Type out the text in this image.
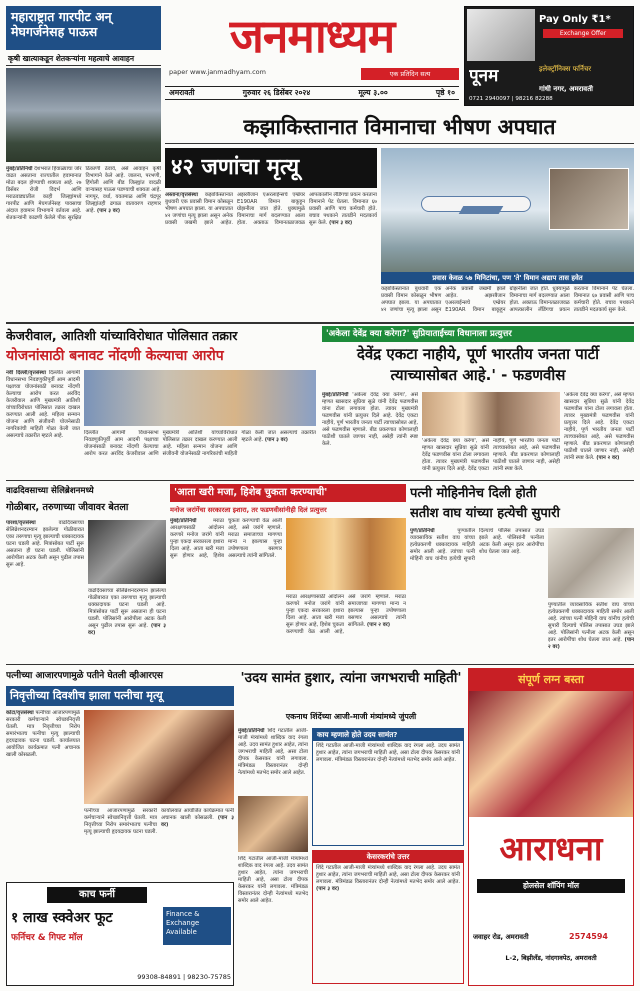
महाराष्ट्रात गारपीट अन् मेघगर्जनेसह पाऊस
कृषी खात्याकडून शेतकऱ्यांना महत्वाचे आवाहन
मुंबई/प्रतिनिधी देशभरात हिवाळ्याचा जोर वाढत असताना राज्यातील हवामानात मोठा बदल होण्याची शक्यता आहे. २७ डिसेंबर रोजी विदर्भ आणि मराठवाड्यातील काही जिल्ह्यांमध्ये गारपीट आणि मेघगर्जनेसह पावसाचा अंदाज हवामान विभागाने वर्तवला आहे. शेतकऱ्यांनी काढणी केलेले पीक सुरक्षित ठिकाणी ठेवावे, असे आवाहन कृषी विभागाने केले आहे. जालना, परभणी, हिंगोली आणि बीड जिल्ह्यांत वादळी वाऱ्यासह पाऊस पडण्याची शक्यता आहे. नागपूर, वर्धा, यवतमाळ आणि चंद्रपूर जिल्ह्यांतही ढगाळ वातावरण राहणार आहे. (पान ३ वर)
जनमाध्यम
paper www.janmadhyam.com	एक प्रतिदिन सत्य
अमरावती	गुरुवार २६ डिसेंबर २०२४	मूल्य ३.००	पृष्ठे १०
Pay Only ₹1*
Exchange Offer
पूनम	इलेक्ट्रॉनिक्स फर्निचर
गांधी नगर, अमरावती
0721 2940097 | 98216 82288
कझाकिस्तानात विमानाचा भीषण अपघात
४२ जणांचा मृत्यू
प्रवास केवळ ५७ मिनिटांचा, पण 'ते' विमान अद्याप तास हवेत
अस्ताना/वृत्तसंस्था कझाकिस्तानात बुधवारी एक प्रवासी विमान कोसळून भीषण अपघात झाला. या अपघातात ४२ जणांचा मृत्यू झाला असून अनेक प्रवासी जखमी झाले आहेत. अझरबैजान एअरलाईन्सचे एम्ब्रेयर E190AR विमान बाकूहून ग्रोझनीला जात होते. धुक्यामुळे विमानाचा मार्ग बदलण्यात आला होता. अक्ताऊ विमानतळाजवळ आपत्कालीन लँडिंगचा प्रयत्न करताना विमानाने पेट घेतला. विमानात ६७ प्रवासी आणि पाच कर्मचारी होते. बचाव पथकाने तातडीने मदतकार्य सुरू केले. (पान ३ वर)
कझाकिस्तानात बुधवारी एक प्रवासी विमान कोसळून भीषण अपघात झाला. या अपघातात ४२ जणांचा मृत्यू झाला असून अनेक प्रवासी जखमी झाले आहेत. अझरबैजान एअरलाईन्सचे एम्ब्रेयर E190AR विमान बाकूहून ग्रोझनीला जात होते. धुक्यामुळे विमानाचा मार्ग बदलण्यात आला होता. अक्ताऊ विमानतळाजवळ आपत्कालीन लँडिंगचा प्रयत्न करताना विमानाने पेट घेतला. विमानात ६७ प्रवासी आणि पाच कर्मचारी होते. बचाव पथकाने तातडीने मदतकार्य सुरू केले.
केजरीवाल, आतिशी यांच्याविरोधात पोलिसात तक्रार
योजनांसाठी बनावट नोंदणी केल्याचा आरोप
नवी दिल्ली/वृत्तसंस्था दिल्लीत आगामी विधानसभा निवडणुकीपूर्वी आम आदमी पक्षाच्या योजनांसाठी बनावट नोंदणी केल्याचा आरोप करत अरविंद केजरीवाल आणि मुख्यमंत्री आतिशी यांच्याविरोधात पोलिसात तक्रार दाखल करण्यात आली आहे. महिला सन्मान योजना आणि संजीवनी योजनेसाठी नागरिकांची माहिती गोळा केली जात असल्याचे तक्रारीत म्हटले आहे.	दिल्लीत आगामी विधानसभा निवडणुकीपूर्वी आम आदमी पक्षाच्या योजनांसाठी बनावट नोंदणी केल्याचा आरोप करत अरविंद केजरीवाल आणि मुख्यमंत्री आतिशी यांच्याविरोधात पोलिसात तक्रार दाखल करण्यात आली आहे. महिला सन्मान योजना आणि संजीवनी योजनेसाठी नागरिकांची माहिती गोळा केली जात असल्याचे तक्रारीत म्हटले आहे. (पान ३ वर)
'अकेला देवेंद्र क्या करेगा?' सुप्रियाताईंच्या विधानाला प्रत्युत्तर
देवेंद्र एकटा नाहीये, पूर्ण भारतीय जनता पार्टी त्याच्यासोबत आहे.' - फडणवीस
मुंबई/प्रतिनिधी 'अकेला देवेंद्र क्या करेगा', असे म्हणत खासदार सुप्रिया सुळे यांनी देवेंद्र फडणवीस यांना टोला लगावला होता. त्यावर मुख्यमंत्री फडणवीस यांनी प्रत्युत्तर दिले आहे. देवेंद्र एकटा नाहीये, पूर्ण भारतीय जनता पार्टी त्याच्यासोबत आहे, असे फडणवीस म्हणाले. बीड प्रकरणात कोणालाही पाठीशी घातले जाणार नाही, असेही त्यांनी स्पष्ट केले.	'अकेला देवेंद्र क्या करेगा', असे म्हणत खासदार सुप्रिया सुळे यांनी देवेंद्र फडणवीस यांना टोला लगावला होता. त्यावर मुख्यमंत्री फडणवीस यांनी प्रत्युत्तर दिले आहे. देवेंद्र एकटा नाहीये, पूर्ण भारतीय जनता पार्टी त्याच्यासोबत आहे, असे फडणवीस म्हणाले. बीड प्रकरणात कोणालाही पाठीशी घातले जाणार नाही, असेही त्यांनी स्पष्ट केले.
'अकेला देवेंद्र क्या करेगा', असे म्हणत खासदार सुप्रिया सुळे यांनी देवेंद्र फडणवीस यांना टोला लगावला होता. त्यावर मुख्यमंत्री फडणवीस यांनी प्रत्युत्तर दिले आहे. देवेंद्र एकटा नाहीये, पूर्ण भारतीय जनता पार्टी त्याच्यासोबत आहे, असे फडणवीस म्हणाले. बीड प्रकरणात कोणालाही पाठीशी घातले जाणार नाही, असेही त्यांनी स्पष्ट केले. (पान २ वर)
वाढदिवसाच्या सेलिब्रेशनमध्ये
गोळीबार, तरुणाच्या जीवावर बेतला
पारशा/वृत्तसंस्था	वाढदिवसाच्या सेलिब्रेशनदरम्यान झालेल्या गोळीबारात एका तरुणाचा मृत्यू झाल्याची धक्कादायक घटना घडली आहे. मित्रांसोबत पार्टी सुरू असताना ही घटना घडली. पोलिसांनी आरोपीला अटक केली असून पुढील तपास सुरू आहे.
वाढदिवसाच्या सेलिब्रेशनदरम्यान झालेल्या गोळीबारात एका तरुणाचा मृत्यू झाल्याची धक्कादायक घटना घडली आहे. मित्रांसोबत पार्टी सुरू असताना ही घटना घडली. पोलिसांनी आरोपीला अटक केली असून पुढील तपास सुरू आहे. (पान ३ वर)
'आता खरी मजा, हिशेब चुकता करण्याची'
मनोज जरांगेंचा सरकारला इशारा, तर फडणवीसांनीही दिलं प्रत्युत्तर
मुंबई/प्रतिनिधी	मराठा आरक्षणासाठी आंदोलन करणारे मनोज जरांगे यांनी पुन्हा एकदा सरकारला इशारा दिला आहे. आता खरी मजा सुरू होणार आहे, हिशेब चुकता करण्याची वेळ आली आहे, असे जरांगे म्हणाले. मराठा समाजाच्या मागण्या मान्य न झाल्यास पुन्हा उपोषणाला बसणार असल्याचे त्यांनी सांगितले.
मराठा आरक्षणासाठी आंदोलन करणारे मनोज जरांगे यांनी पुन्हा एकदा सरकारला इशारा दिला आहे. आता खरी मजा सुरू होणार आहे, हिशेब चुकता करण्याची वेळ आली आहे, असे जरांगे म्हणाले. मराठा समाजाच्या मागण्या मान्य न झाल्यास पुन्हा उपोषणाला बसणार असल्याचे त्यांनी सांगितले. (पान २ वर)
पत्नी मोहिनीनेच दिली होती
सतीश वाघ यांच्या हत्येची सुपारी
पुणे/प्रतिनिधी	पुण्यातील व्यावसायिक सतीश वाघ यांच्या हत्येप्रकरणी धक्कादायक माहिती समोर आली आहे. त्यांच्या पत्नी मोहिनी वाघ यांनीच हत्येची सुपारी दिल्याचे पोलिस तपासात उघड झाले आहे. पोलिसांनी पत्नीला अटक केली असून इतर आरोपींचा शोध घेतला जात आहे.
पुण्यातील व्यावसायिक सतीश वाघ यांच्या हत्येप्रकरणी धक्कादायक माहिती समोर आली आहे. त्यांच्या पत्नी मोहिनी वाघ यांनीच हत्येची सुपारी दिल्याचे पोलिस तपासात उघड झाले आहे. पोलिसांनी पत्नीला अटक केली असून इतर आरोपींचा शोध घेतला जात आहे. (पान २ वर)
पत्नीच्या आजारपणामुळे पतीने घेतली व्हीआरएस
निवृत्तीच्या दिवशीच झाला पत्नीचा मृत्यू
कोटा/वृत्तसंस्था पत्नीच्या आजारपणामुळे सरकारी कर्मचाऱ्याने स्वेच्छानिवृत्ती घेतली. मात्र निवृत्तीच्या निरोप समारंभातच पत्नीचा मृत्यू झाल्याची हृदयद्रावक घटना घडली. कार्यालयात आयोजित कार्यक्रमात पत्नी अचानक खाली कोसळली.
पत्नीच्या आजारपणामुळे सरकारी कर्मचाऱ्याने स्वेच्छानिवृत्ती घेतली. मात्र निवृत्तीच्या निरोप समारंभातच पत्नीचा मृत्यू झाल्याची हृदयद्रावक घटना घडली. कार्यालयात आयोजित कार्यक्रमात पत्नी अचानक खाली कोसळली. (पान ३ वर)
'उदय सामंत हुशार, त्यांना जगभराची माहिती'
एकनाथ शिंदेंच्या आजी-माजी मंत्र्यांमध्ये जुंपली
मुंबई/प्रतिनिधी शिंदे गटातील आजी-माजी मंत्र्यांमध्ये शाब्दिक वाद रंगला आहे. उदय सामंत हुशार आहेत, त्यांना जगभराची माहिती आहे, असा टोला दीपक केसरकर यांनी लगावला. मंत्रिमंडळ विस्तारानंतर दोन्ही नेत्यांमध्ये मतभेद समोर आले आहेत.
काय म्हणाले होते उदय सामंत?
शिंदे गटातील आजी-माजी मंत्र्यांमध्ये शाब्दिक वाद रंगला आहे. उदय सामंत हुशार आहेत, त्यांना जगभराची माहिती आहे, असा टोला दीपक केसरकर यांनी लगावला. मंत्रिमंडळ विस्तारानंतर दोन्ही नेत्यांमध्ये मतभेद समोर आले आहेत.
शिंदे गटातील आजी-माजी मंत्र्यांमध्ये शाब्दिक वाद रंगला आहे. उदय सामंत हुशार आहेत, त्यांना जगभराची माहिती आहे, असा टोला दीपक केसरकर यांनी लगावला. मंत्रिमंडळ विस्तारानंतर दोन्ही नेत्यांमध्ये मतभेद समोर आले आहेत.
केसरकरांचे उत्तर
शिंदे गटातील आजी-माजी मंत्र्यांमध्ये शाब्दिक वाद रंगला आहे. उदय सामंत हुशार आहेत, त्यांना जगभराची माहिती आहे, असा टोला दीपक केसरकर यांनी लगावला. मंत्रिमंडळ विस्तारानंतर दोन्ही नेत्यांमध्ये मतभेद समोर आले आहेत. (पान ३ वर)
काच फर्नी
१ लाख स्क्वेअर फूट
फर्निचर & गिफ्ट मॉल
Finance & Exchange Available
99308-84891 | 98230-75785
संपूर्ण लग्न बस्ता
आराधना
होलसेल शॉपिंग मॉल
जवाहर रोड, अमरावती	2574594
L-2, बिझीलँड, नांदगावपेठ, अमरावती
